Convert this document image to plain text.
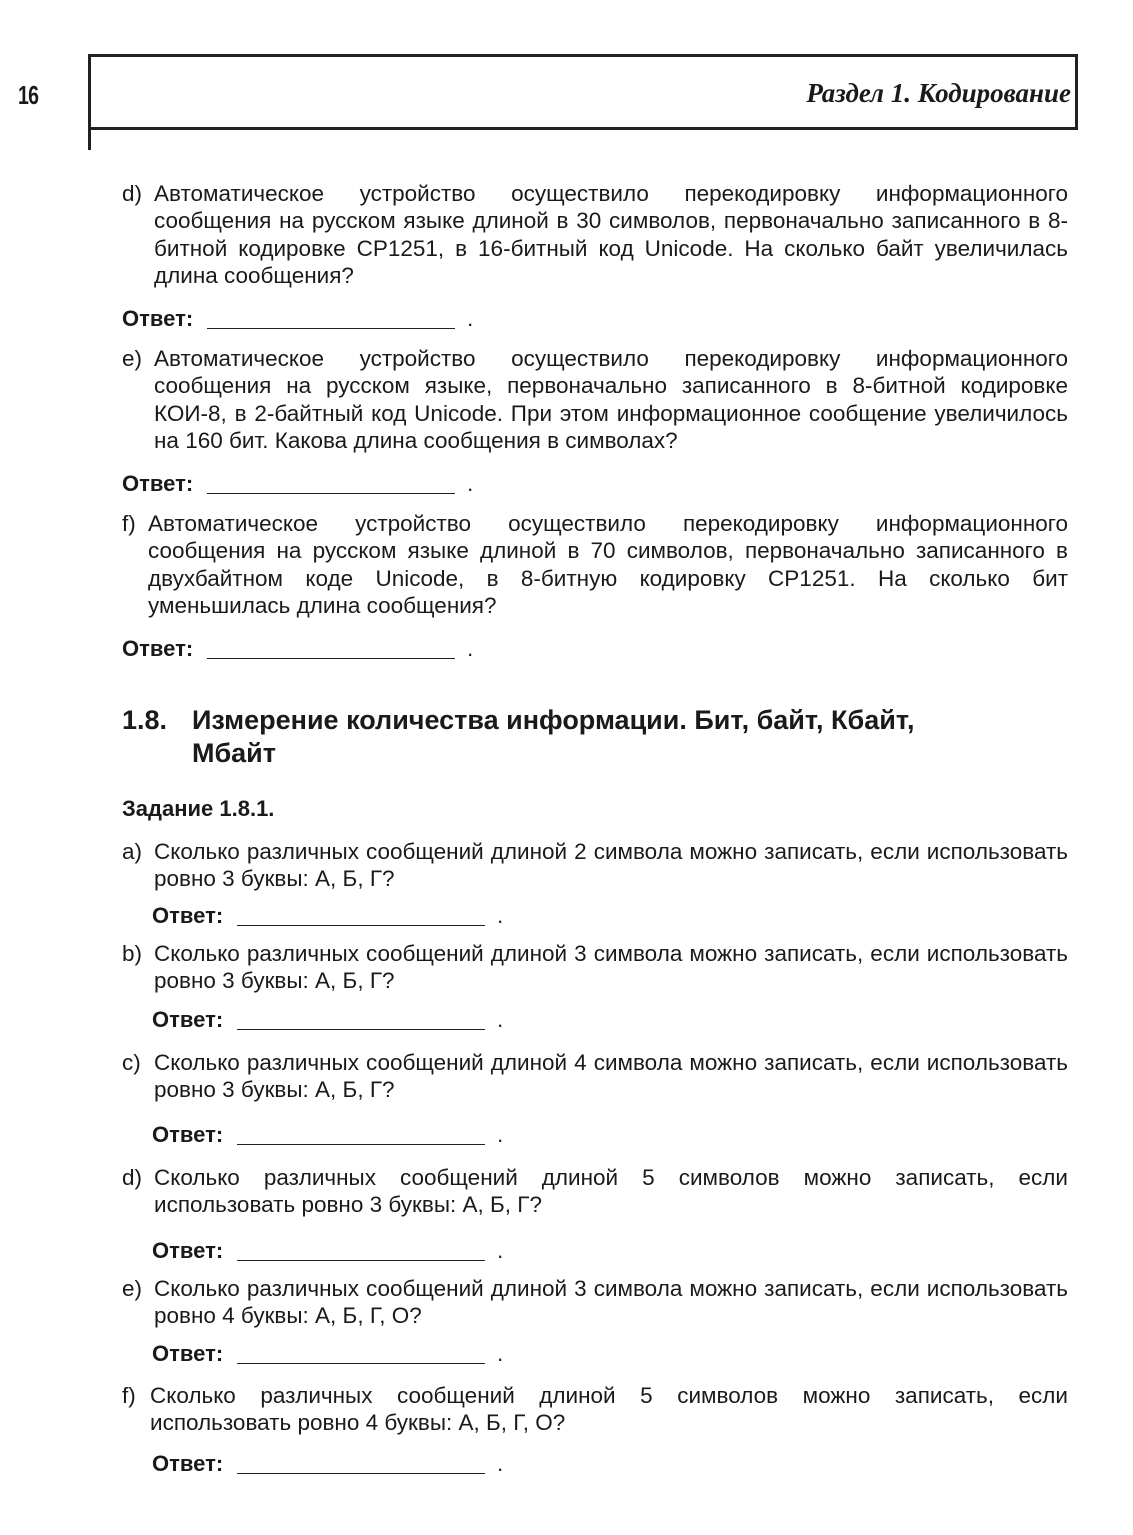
16	Раздел 1. Кодирование
d) Автоматическое устройство осуществило перекодировку информационного сообщения на русском языке длиной в 30 символов, первоначально записанного в 8-битной кодировке CP1251, в 16-битный код Unicode. На сколько байт увеличилась длина сообщения?
Ответ:	.
e) Автоматическое устройство осуществило перекодировку информационного сообщения на русском языке, первоначально записанного в 8-битной кодировке КОИ-8, в 2-байтный код Unicode. При этом информационное сообщение увеличилось на 160 бит. Какова длина сообщения в символах?
Ответ:	.
f) Автоматическое устройство осуществило перекодировку информационного сообщения на русском языке длиной в 70 символов, первоначально записанного в двухбайтном коде Unicode, в 8-битную кодировку CP1251. На сколько бит уменьшилась длина сообщения?
Ответ:	.
1.8. Измерение количества информации. Бит, байт, Кбайт,
Мбайт
Задание 1.8.1.
a) Сколько различных сообщений длиной 2 символа можно записать, если использовать ровно 3 буквы: А, Б, Г?
Ответ:	.
b) Сколько различных сообщений длиной 3 символа можно записать, если использовать ровно 3 буквы: А, Б, Г?
Ответ:	.
c) Сколько различных сообщений длиной 4 символа можно записать, если использовать ровно 3 буквы: А, Б, Г?
Ответ:	.
d) Сколько различных сообщений длиной 5 символов можно записать, если использовать ровно 3 буквы: А, Б, Г?
Ответ:	.
e) Сколько различных сообщений длиной 3 символа можно записать, если использовать ровно 4 буквы: А, Б, Г, О?
Ответ:	.
f) Сколько различных сообщений длиной 5 символов можно записать, если использовать ровно 4 буквы: А, Б, Г, О?
Ответ:	.
